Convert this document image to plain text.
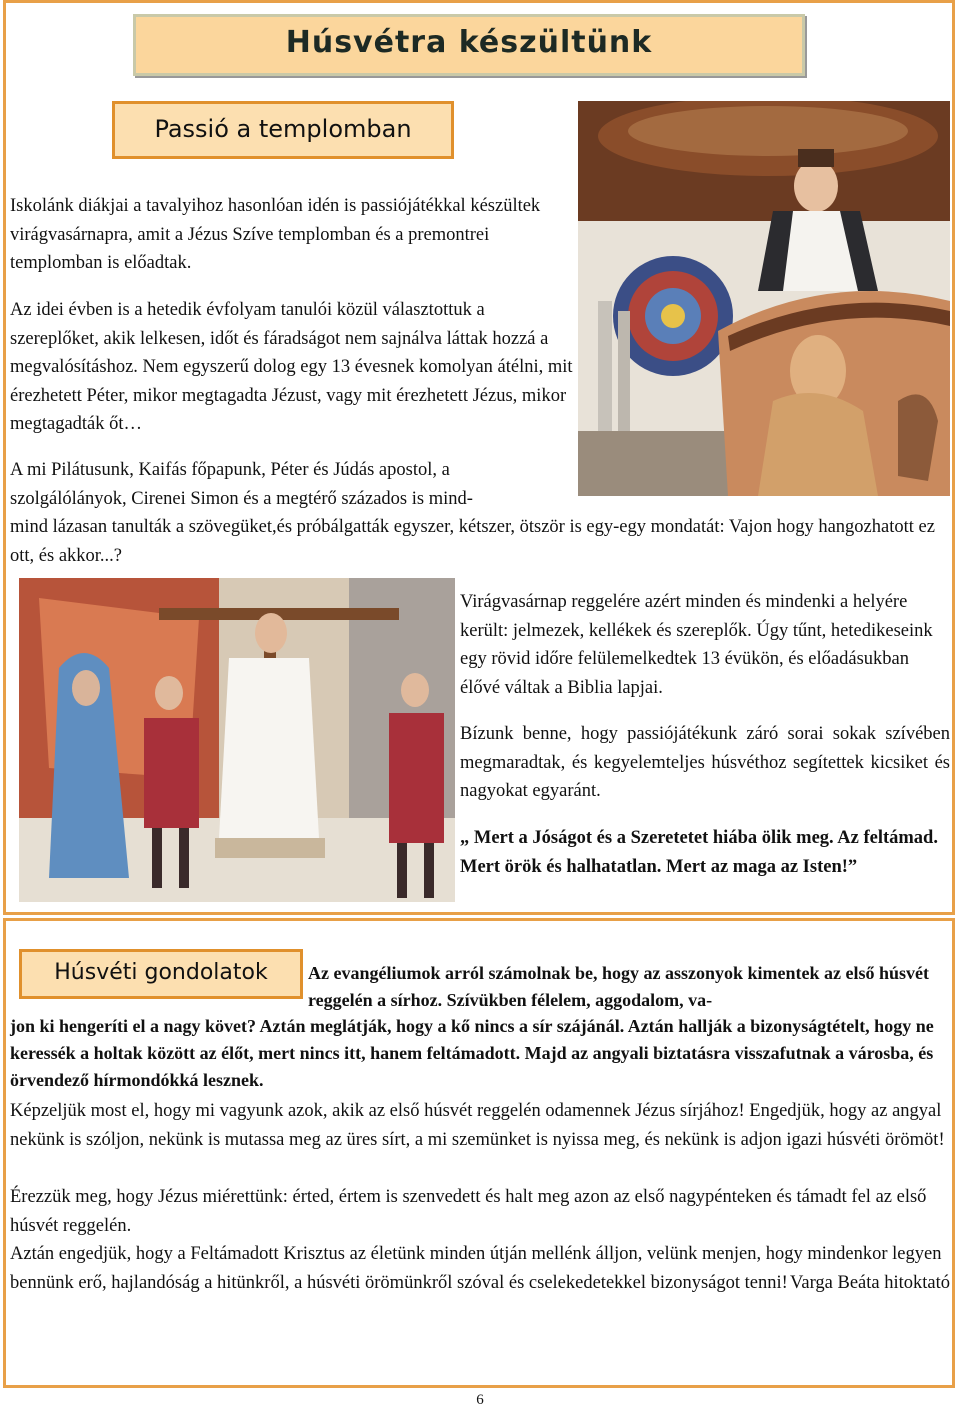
Húsvétra készültünk
Passió a templomban

Iskolánk diákjai a tavalyihoz hasonlóan idén is passiójátékkal készültek virágvasárnapra, amit a Jézus Szíve templomban és a premontrei templomban is előadtak.

Az idei évben is a hetedik évfolyam tanulói közül választottuk a szereplőket, akik lelkesen, időt és fáradságot nem sajnálva láttak hozzá a megvalósításhoz. Nem egyszerű dolog egy 13 évesnek komolyan átélni, mit érezhetett Péter, mikor megtagadta Jézust, vagy mit érezhetett Jézus, mikor megtagadták őt…

A mi Pilátusunk, Kaifás főpapunk, Péter és Júdás apostol, a szolgálólányok, Cirenei Simon és a megtérő százados is mind-

mind lázasan tanulták a szövegüket,és próbálgatták egyszer, kétszer, ötször is egy-egy mondatát: Vajon hogy hangozhatott ez ott, és akkor...?

Virágvasárnap reggelére azért minden és mindenki a helyére került: jelmezek, kellékek és szereplők. Úgy tűnt, hetedikeseink egy rövid időre felülemelkedtek 13 évükön, és előadásukban élővé váltak a Biblia lapjai.

Bízunk benne, hogy passiójátékunk záró sorai sokak szívében megmaradtak, és kegyelemteljes húsvéthoz segítettek kicsiket és nagyokat egyaránt.

„ Mert a Jóságot és a Szeretetet hiába ölik meg. Az feltámad. Mert örök és halhatatlan. Mert az maga az Isten!”

Húsvéti gondolatok	Az evangéliumok arról számolnak be, hogy az asszonyok kimentek az első húsvét reggelén a sírhoz. Szívükben félelem, aggodalom, va-

jon ki hengeríti el a nagy követ? Aztán meglátják, hogy a kő nincs a sír szájánál. Aztán hallják a bizonyságtételt, hogy ne keressék a holtak között az élőt, mert nincs itt, hanem feltámadott. Majd az angyali biztatásra visszafutnak a városba, és örvendező hírmondókká lesznek.

Képzeljük most el, hogy mi vagyunk azok, akik az első húsvét reggelén odamennek Jézus sírjához! Engedjük, hogy az angyal nekünk is szóljon, nekünk is mutassa meg az üres sírt, a mi szemünket is nyissa meg, és nekünk is adjon igazi húsvéti örömöt!

Érezzük meg, hogy Jézus miérettünk: érted, értem is szenvedett és halt meg azon az első nagypénteken és támadt fel az első húsvét reggelén.

Aztán engedjük, hogy a Feltámadott Krisztus az életünk minden útján mellénk álljon, velünk menjen, hogy mindenkor legyen bennünk erő, hajlandóság a hitünkről, a húsvéti örömünkről szóval és cselekedetekkel bizonyságot tenni! Varga Beáta hitoktató

6
